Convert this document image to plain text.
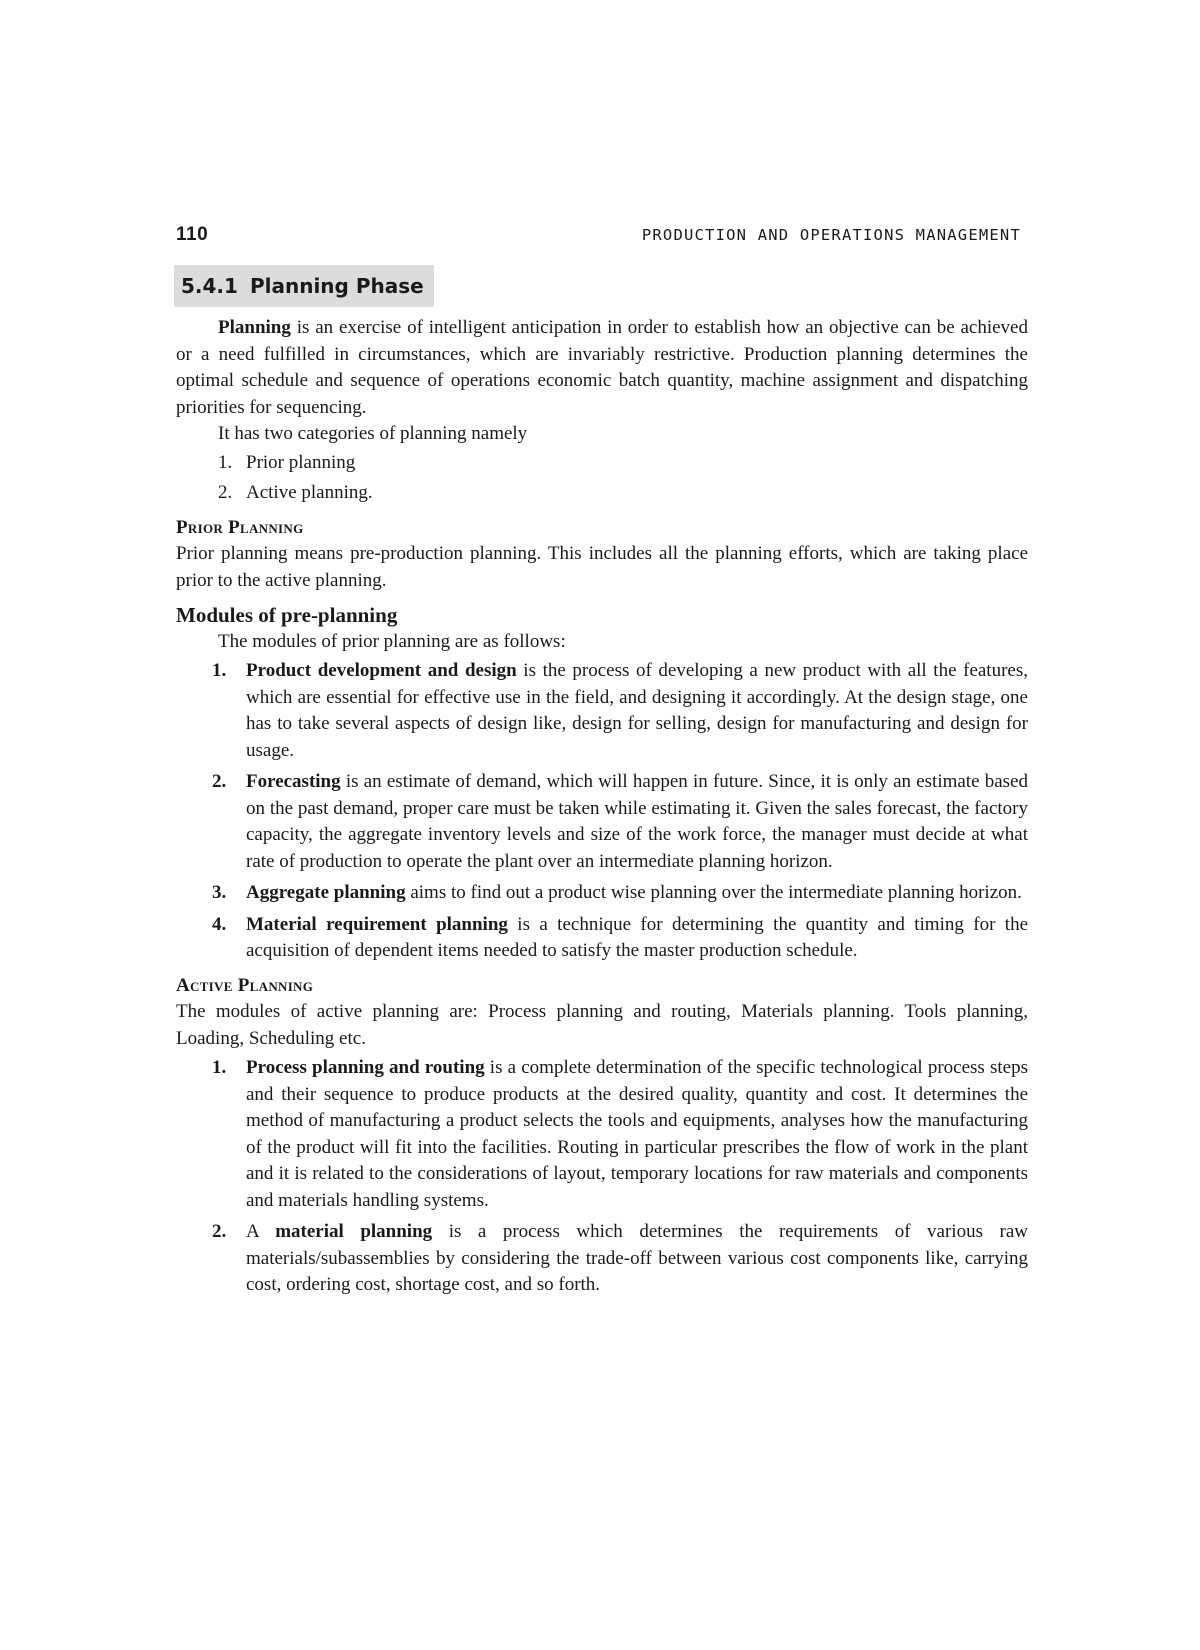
110	PRODUCTION AND OPERATIONS MANAGEMENT
5.4.1 Planning Phase

Planning is an exercise of intelligent anticipation in order to establish how an objective can be achieved or a need fulfilled in circumstances, which are invariably restrictive. Production planning determines the optimal schedule and sequence of operations economic batch quantity, machine assignment and dispatching priorities for sequencing.

It has two categories of planning namely

1. Prior planning
2. Active planning.
Prior Planning

Prior planning means pre-production planning. This includes all the planning efforts, which are taking place prior to the active planning.

Modules of pre-planning

The modules of prior planning are as follows:

1. Product development and design is the process of developing a new product with all the features, which are essential for effective use in the field, and designing it accordingly. At the design stage, one has to take several aspects of design like, design for selling, design for manufacturing and design for usage.
2. Forecasting is an estimate of demand, which will happen in future. Since, it is only an estimate based on the past demand, proper care must be taken while estimating it. Given the sales forecast, the factory capacity, the aggregate inventory levels and size of the work force, the manager must decide at what rate of production to operate the plant over an intermediate planning horizon.
3. Aggregate planning aims to find out a product wise planning over the intermediate planning horizon.
4. Material requirement planning is a technique for determining the quantity and timing for the acquisition of dependent items needed to satisfy the master production schedule.
Active Planning

The modules of active planning are: Process planning and routing, Materials planning. Tools planning, Loading, Scheduling etc.

1. Process planning and routing is a complete determination of the specific technological process steps and their sequence to produce products at the desired quality, quantity and cost. It determines the method of manufacturing a product selects the tools and equipments, analyses how the manufacturing of the product will fit into the facilities. Routing in particular prescribes the flow of work in the plant and it is related to the considerations of layout, temporary locations for raw materials and components and materials handling systems.
2. A material planning is a process which determines the requirements of various raw materials/subassemblies by considering the trade-off between various cost components like, carrying cost, ordering cost, shortage cost, and so forth.
